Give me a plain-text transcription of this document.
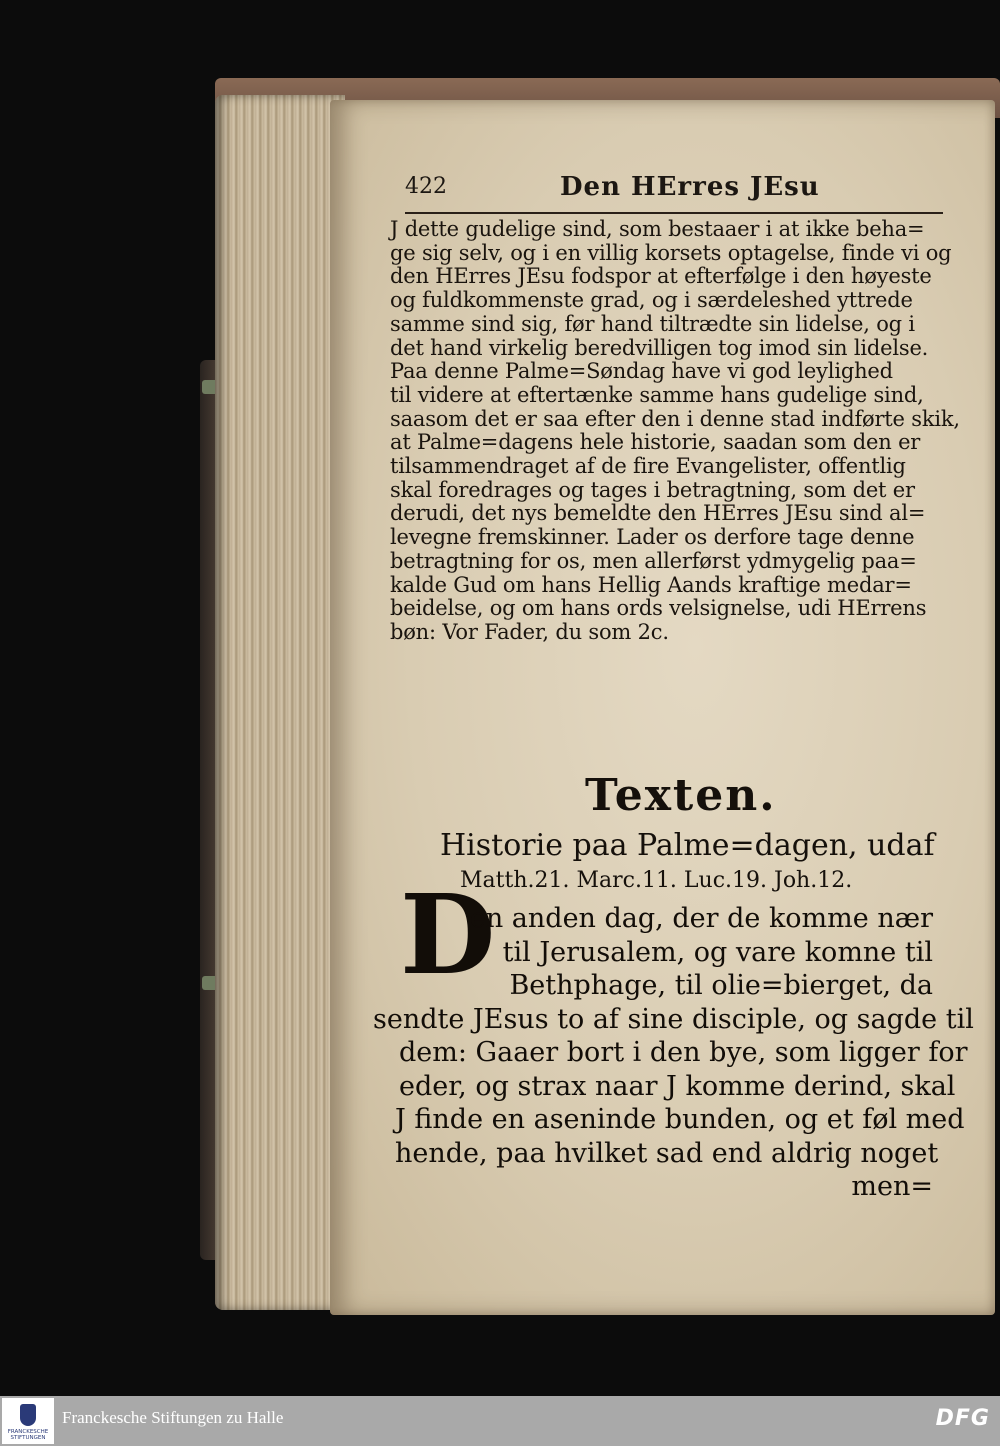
422	Den HErres JEsu
J dette gudelige sind, som bestaaer i at ikke beha=
ge sig selv, og i en villig korsets optagelse, finde vi og
den HErres JEsu fodspor at efterfølge i den høyeste
og fuldkommenste grad, og i særdeleshed yttrede
samme sind sig, før hand tiltrædte sin lidelse, og i
det hand virkelig beredvilligen tog imod sin lidelse.
Paa denne Palme=Søndag have vi god leylighed
til videre at eftertænke samme hans gudelige sind,
saasom det er saa efter den i denne stad indførte skik,
at Palme=dagens hele historie, saadan som den er
tilsammendraget af de fire Evangelister, offentlig
skal foredrages og tages i betragtning, som det er
derudi, det nys bemeldte den HErres JEsu sind al=
levegne fremskinner. Lader os derfore tage denne
betragtning for os, men allerførst ydmygelig paa=
kalde Gud om hans Hellig Aands kraftige medar=
beidelse, og om hans ords velsignelse, udi HErrens
bøn: Vor Fader, du som 2c.
Texten.
Historie paa Palme=dagen, udaf
Matth.21. Marc.11. Luc.19. Joh.12.
D
en anden dag, der de komme nær
til Jerusalem, og vare komne til
Bethphage, til olie=bierget, da
sendte JEsus to af sine disciple, og sagde til
dem: Gaaer bort i den bye, som ligger for
eder, og strax naar J komme derind, skal
J finde en aseninde bunden, og et føl med
hende, paa hvilket sad end aldrig noget
men=
FRANCKESCHE STIFTUNGEN
Franckesche Stiftungen zu Halle	DFG
